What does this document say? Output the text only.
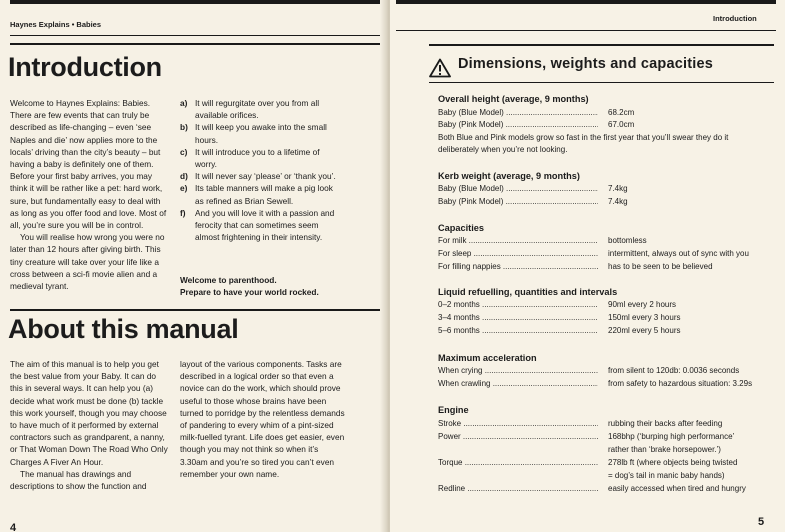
Haynes Explains • Babies
Introduction

Welcome to Haynes Explains: Babies. There are few events that can truly be described as life-changing – even ‘see Naples and die’ now applies more to the locals’ driving than the city’s beauty – but having a baby is definitely one of them. Before your first baby arrives, you may think it will be rather like a pet: hard work, sure, but fundamentally easy to deal with as long as you offer food and love. Most of all, you’re sure you will be in control.

You will realise how wrong you were no later than 12 hours after giving birth. This tiny creature will take over your life like a cross between a sci-fi movie alien and a medieval tyrant.

a) It will regurgitate over you from all available orifices.
b) It will keep you awake into the small hours.
c) It will introduce you to a lifetime of worry.
d) It will never say ‘please’ or ‘thank you’.
e) Its table manners will make a pig look as refined as Brian Sewell.
f) And you will love it with a passion and ferocity that can sometimes seem almost frightening in their intensity.
Welcome to parenthood.
Prepare to have your world rocked.
About this manual

The aim of this manual is to help you get the best value from your Baby. It can do this in several ways. It can help you (a) decide what work must be done (b) tackle this work yourself, though you may choose to have much of it performed by external contractors such as grandparent, a nanny, or That Woman Down The Road Who Only Charges A Fiver An Hour.

The manual has drawings and descriptions to show the function and

layout of the various components. Tasks are described in a logical order so that even a novice can do the work, which should prove useful to those whose brains have been turned to porridge by the relentless demands of pandering to every whim of a pint-sized milk-fuelled tyrant. Life does get easier, even though you may not think so when it’s 3.30am and you’re so tired you can’t even remember your own name.

4
Introduction
Dimensions, weights and capacities
Overall height (average, 9 months)
Baby (Blue Model) .....	68.2cm
Baby (Pink Model) .....	67.0cm
Both Blue and Pink models grow so fast in the first year that you’ll swear they do it deliberately when you’re not looking.
Kerb weight (average, 9 months)
Baby (Blue Model) .....	7.4kg
Baby (Pink Model) .....	7.4kg
Capacities
For milk .....	bottomless
For sleep .....	intermittent, always out of sync with you
For filling nappies .....	has to be seen to be believed
Liquid refuelling, quantities and intervals
0–2 months .....	90ml every 2 hours
3–4 months .....	150ml every 3 hours
5–6 months .....	220ml every 5 hours
Maximum acceleration
When crying .....	from silent to 120db: 0.0036 seconds
When crawling .....	from safety to hazardous situation: 3.29s
Engine
Stroke .....	rubbing their backs after feeding
Power .....	168bhp (‘burping high performance’
rather than ‘brake horsepower.’)
Torque .....	278lb ft (where objects being twisted
= dog’s tail in manic baby hands)
Redline .....	easily accessed when tired and hungry
5
